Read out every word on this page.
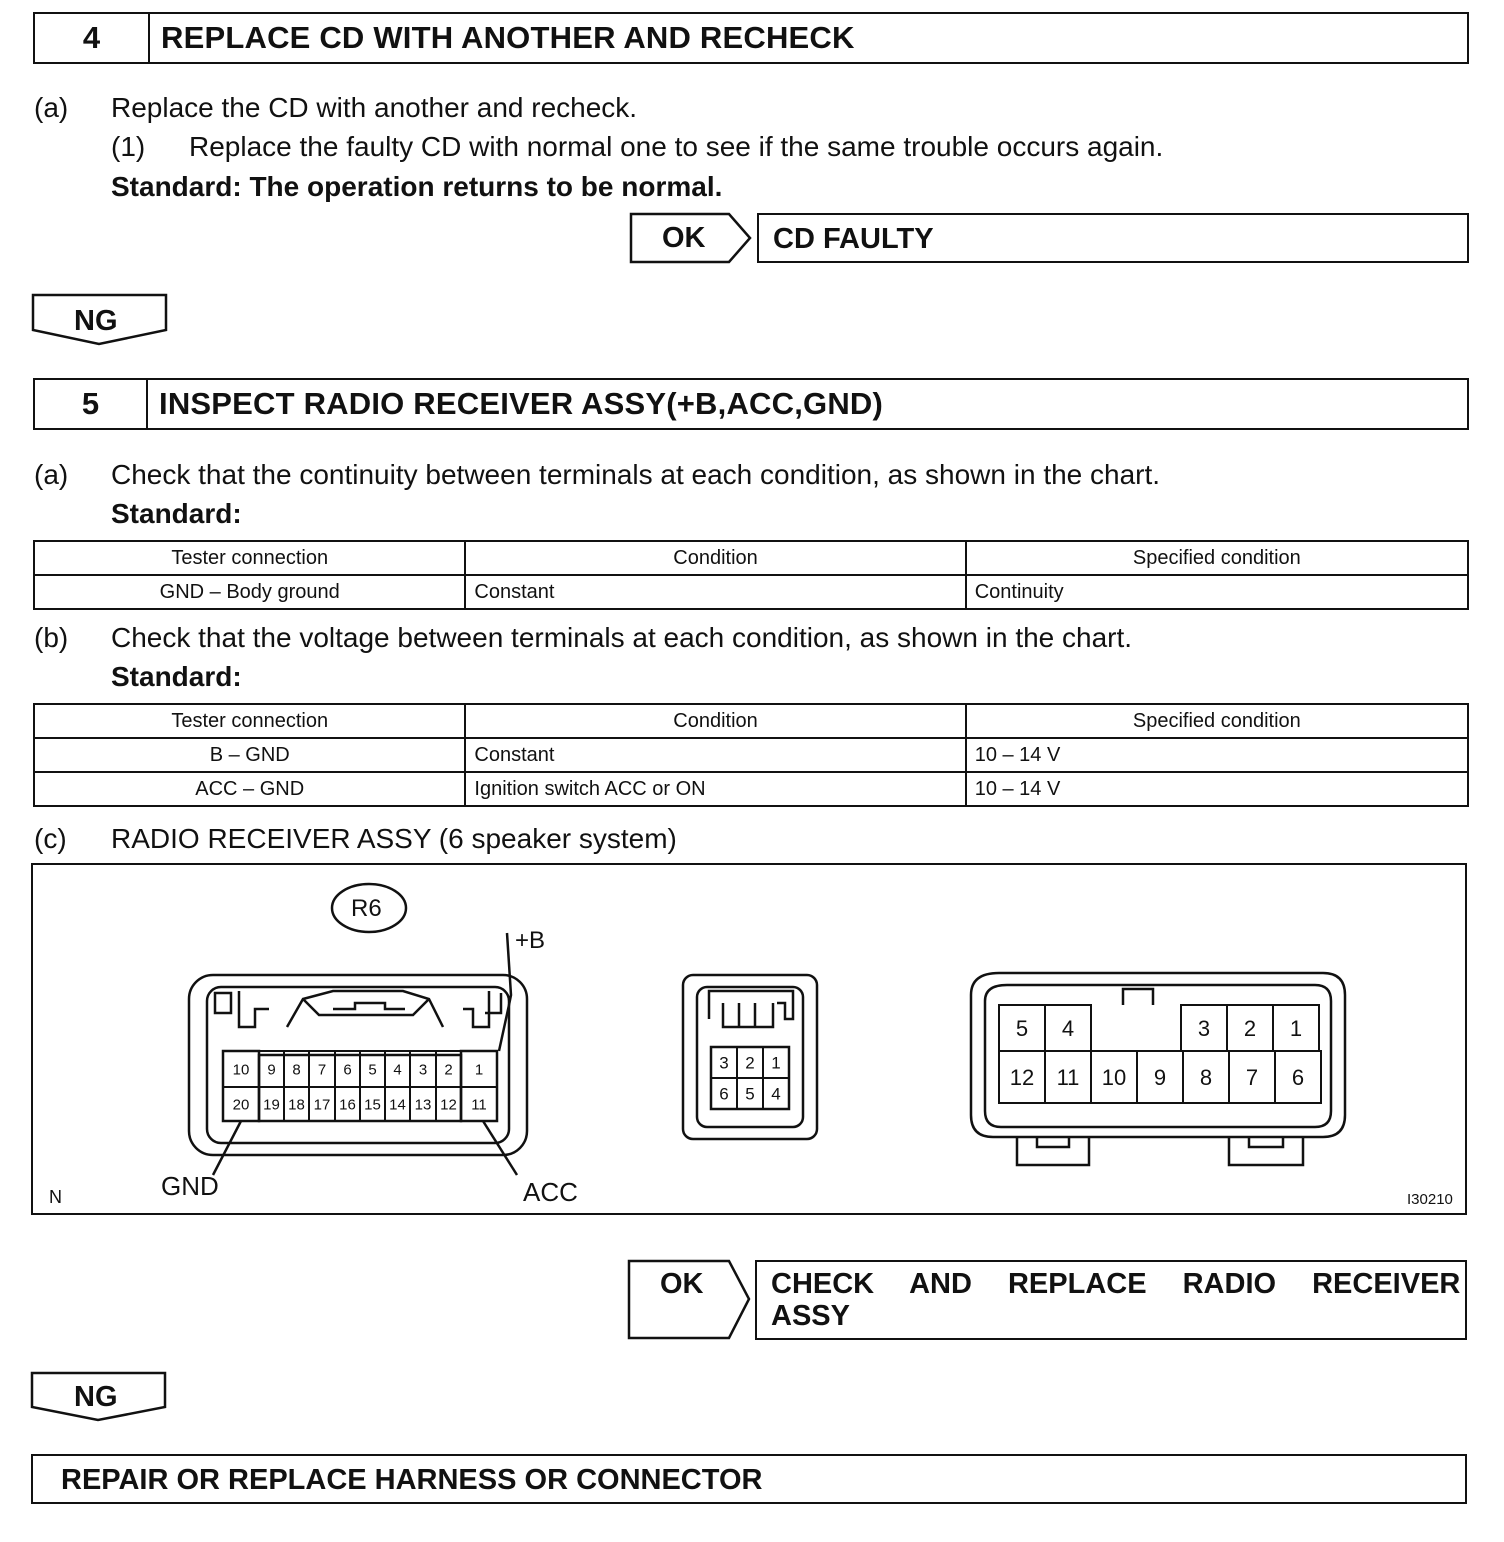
4	REPLACE CD WITH ANOTHER AND RECHECK
(a) Replace the CD with another and recheck.
(1) Replace the faulty CD with normal one to see if the same trouble occurs again.
Standard: The operation returns to be normal.
OK CD FAULTY
NG
5	INSPECT RADIO RECEIVER ASSY(+B,ACC,GND)
(a) Check that the continuity between terminals at each condition, as shown in the chart.
Standard:
Tester connection	Condition	Specified condition
GND – Body ground	Constant	Continuity
(b) Check that the voltage between terminals at each condition, as shown in the chart.
Standard:
Tester connection	Condition	Specified condition
B – GND	Constant	10 – 14 V
ACC – GND	Ignition switch ACC or ON	10 – 14 V
(c) RADIO RECEIVER ASSY (6 speaker system)
10 9 8 7 6 5 4 3 2 1
20 19 18 17 16 15 14 13 12 11
3 2 1
6 5 4
5 4	3 2 1
12 11 10 9 8 7 6
R6
+B
GND	ACC
N	I30210
OK CHECK AND REPLACE RADIO RECEIVER
ASSY
NG
REPAIR OR REPLACE HARNESS OR CONNECTOR
